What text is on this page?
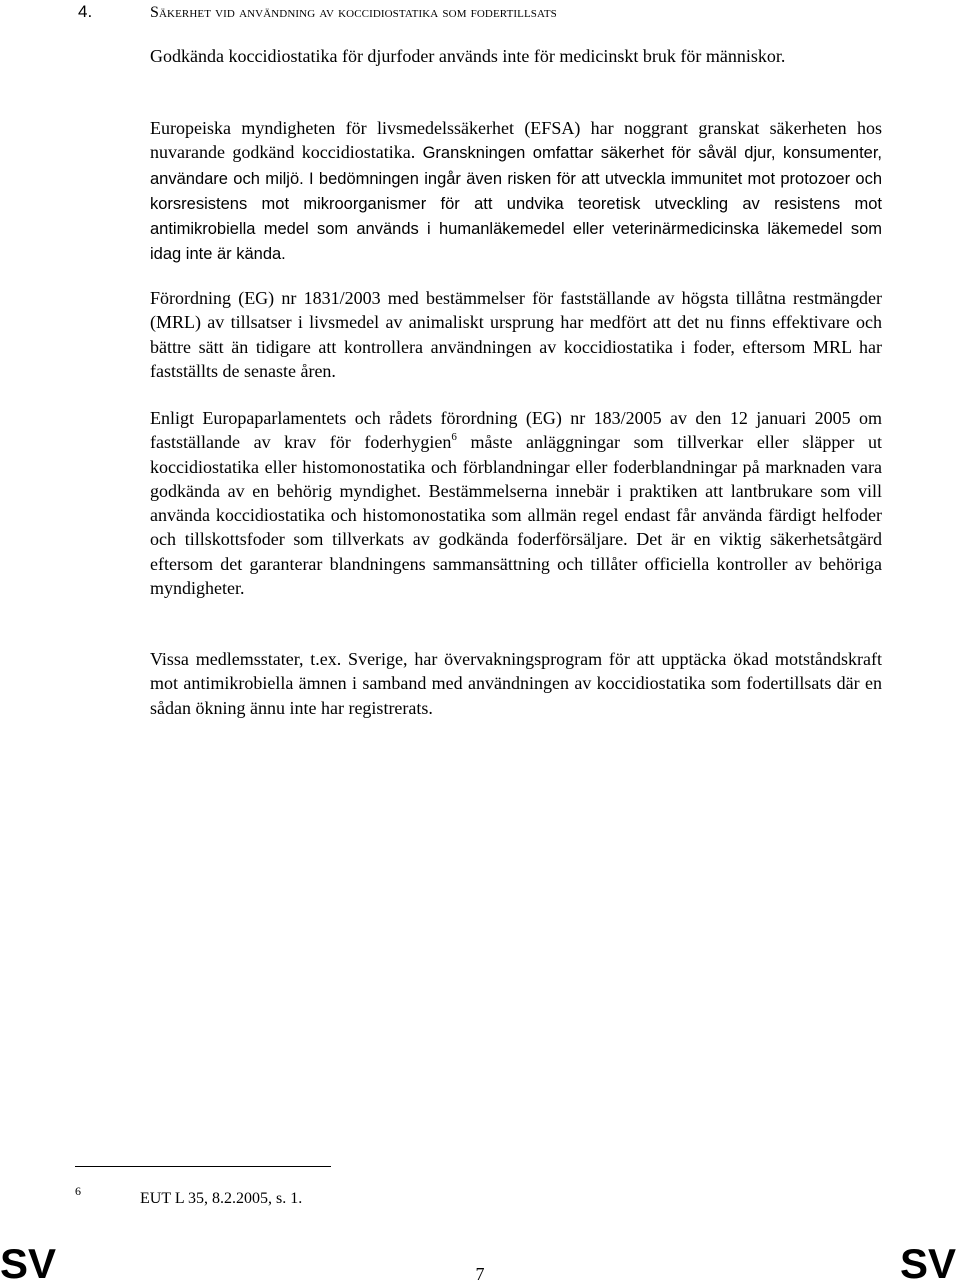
4.	Säkerhet vid användning av koccidiostatika som fodertillsats

Godkända koccidiostatika för djurfoder används inte för medicinskt bruk för människor.

Europeiska myndigheten för livsmedelssäkerhet (EFSA) har noggrant granskat säkerheten hos nuvarande godkänd koccidiostatika. Granskningen omfattar säkerhet för såväl djur, konsumenter, användare och miljö. I bedömningen ingår även risken för att utveckla immunitet mot protozoer och korsresistens mot mikroorganismer för att undvika teoretisk utveckling av resistens mot antimikrobiella medel som används i humanläkemedel eller veterinärmedicinska läkemedel som idag inte är kända.

Förordning (EG) nr 1831/2003 med bestämmelser för fastställande av högsta tillåtna restmängder (MRL) av tillsatser i livsmedel av animaliskt ursprung har medfört att det nu finns effektivare och bättre sätt än tidigare att kontrollera användningen av koccidiostatika i foder, eftersom MRL har fastställts de senaste åren.

Enligt Europaparlamentets och rådets förordning (EG) nr 183/2005 av den 12 januari 2005 om fastställande av krav för foderhygien$^6$ måste anläggningar som tillverkar eller släpper ut koccidiostatika eller histomonostatika och förblandningar eller foderblandningar på marknaden vara godkända av en behörig myndighet. Bestämmelserna innebär i praktiken att lantbrukare som vill använda koccidiostatika och histomonostatika som allmän regel endast får använda färdigt helfoder och tillskottsfoder som tillverkats av godkända foderförsäljare. Det är en viktig säkerhetsåtgärd eftersom det garanterar blandningens sammansättning och tillåter officiella kontroller av behöriga myndigheter.

Vissa medlemsstater, t.ex. Sverige, har övervakningsprogram för att upptäcka ökad motståndskraft mot antimikrobiella ämnen i samband med användningen av koccidiostatika som fodertillsats där en sådan ökning ännu inte har registrerats.

6	EUT L 35, 8.2.2005, s. 1.
SV	7	SV
